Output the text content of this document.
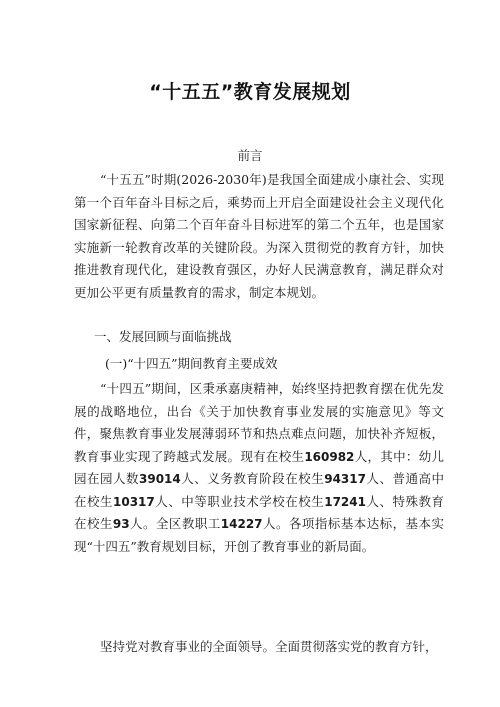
“十五五”教育发展规划
前言

“十五五”时期(2026-2030年)是我国全面建成小康社会、实现第一个百年奋斗目标之后，乘势而上开启全面建设社会主义现代化国家新征程、向第二个百年奋斗目标进军的第二个五年，也是国家实施新一轮教育改革的关键阶段。为深入贯彻党的教育方针，加快推进教育现代化，建设教育强区，办好人民满意教育，满足群众对更加公平更有质量教育的需求，制定本规划。

一、发展回顾与面临挑战
(一)“十四五”期间教育主要成效

“十四五”期间，区秉承嘉庚精神，始终坚持把教育摆在优先发展的战略地位，出台《关于加快教育事业发展的实施意见》等文件，聚焦教育事业发展薄弱环节和热点难点问题，加快补齐短板，教育事业实现了跨越式发展。现有在校生160982人，其中：幼儿园在园人数39014人、义务教育阶段在校生94317人、普通高中在校生10317人、中等职业技术学校在校生17241人、特殊教育在校生93人。全区教职工14227人。各项指标基本达标，基本实现“十四五”教育规划目标，开创了教育事业的新局面。

坚持党对教育事业的全面领导。全面贯彻落实党的教育方针，
